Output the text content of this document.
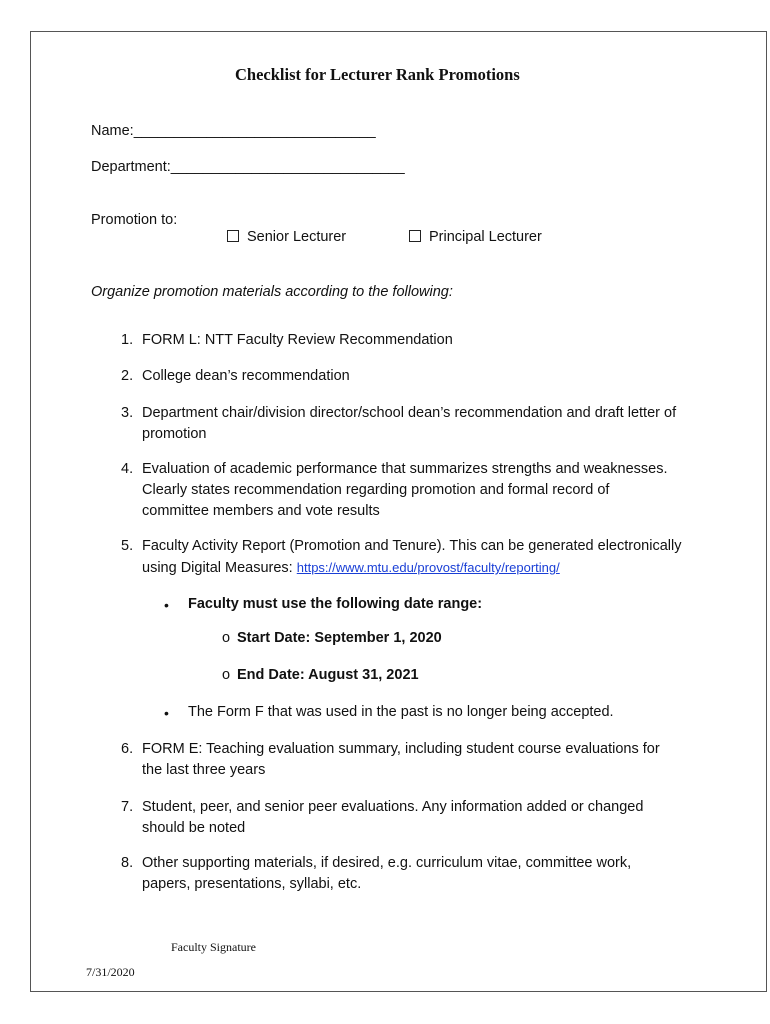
Checklist for Lecturer Rank Promotions
Name:______________________________
Department:_____________________________
Promotion to:
Senior Lecturer	Principal Lecturer
Organize promotion materials according to the following:
1. FORM L: NTT Faculty Review Recommendation
2. College dean’s recommendation
3. Department chair/division director/school dean’s recommendation and draft letter of promotion
4. Evaluation of academic performance that summarizes strengths and weaknesses. Clearly states recommendation regarding promotion and formal record of committee members and vote results
5. Faculty Activity Report (Promotion and Tenure). This can be generated electronically using Digital Measures: https://www.mtu.edu/provost/faculty/reporting/
• Faculty must use the following date range:
o Start Date: September 1, 2020
o End Date: August 31, 2021
• The Form F that was used in the past is no longer being accepted.
6. FORM E: Teaching evaluation summary, including student course evaluations for the last three years
7. Student, peer, and senior peer evaluations. Any information added or changed should be noted
8. Other supporting materials, if desired, e.g. curriculum vitae, committee work, papers, presentations, syllabi, etc.
Faculty Signature
7/31/2020
